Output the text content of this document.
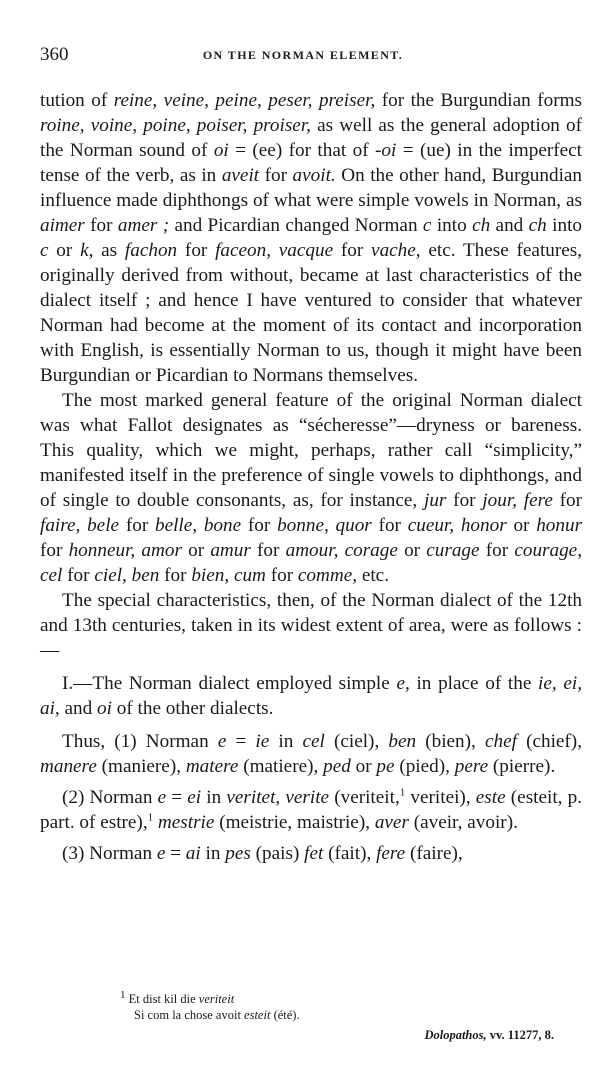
360	ON THE NORMAN ELEMENT.

tution of reine, veine, peine, peser, preiser, for the Burgundian forms roine, voine, poine, poiser, proiser, as well as the general adoption of the Norman sound of oi = (ee) for that of -oi = (ue) in the imperfect tense of the verb, as in aveit for avoit. On the other hand, Burgundian influence made diphthongs of what were simple vowels in Norman, as aimer for amer ; and Picardian changed Norman c into ch and ch into c or k, as fachon for faceon, vacque for vache, etc. These features, originally derived from without, became at last characteristics of the dialect itself ; and hence I have ventured to consider that whatever Norman had become at the moment of its contact and incorporation with English, is essentially Norman to us, though it might have been Burgundian or Picardian to Normans themselves.

The most marked general feature of the original Norman dialect was what Fallot designates as “sécheresse”—dryness or bareness. This quality, which we might, perhaps, rather call “simplicity,” manifested itself in the preference of single vowels to diphthongs, and of single to double consonants, as, for instance, jur for jour, fere for faire, bele for belle, bone for bonne, quor for cueur, honor or honur for honneur, amor or amur for amour, corage or curage for courage, cel for ciel, ben for bien, cum for comme, etc.

The special characteristics, then, of the Norman dialect of the 12th and 13th centuries, taken in its widest extent of area, were as follows :—

I.—The Norman dialect employed simple e, in place of the ie, ei, ai, and oi of the other dialects.

Thus, (1) Norman e = ie in cel (ciel), ben (bien), chef (chief), manere (maniere), matere (matiere), ped or pe (pied), pere (pierre).

(2) Norman e = ei in veritet, verite (veriteit,$^1$ veritei), este (esteit, p. part. of estre),$^1$ mestrie (meistrie, maistrie), aver (aveir, avoir).

(3) Norman e = ai in pes (pais) fet (fait), fere (faire),

$^1$ Et dist kil die veriteit
Si com la chose avoit esteit (été).
Dolopathos, vv. 11277, 8.
